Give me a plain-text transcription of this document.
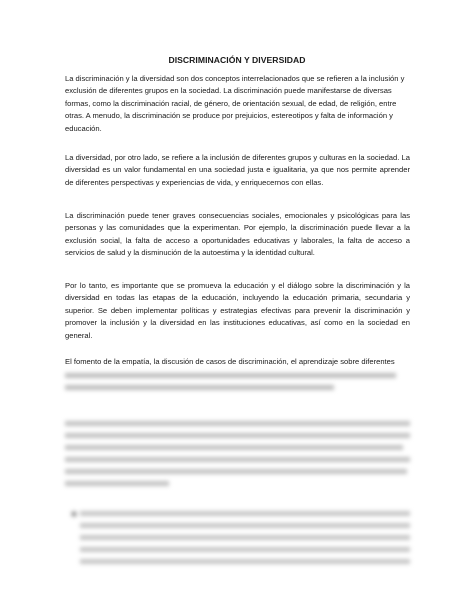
DISCRIMINACIÓN Y DIVERSIDAD

La discriminación y la diversidad son dos conceptos interrelacionados que se refieren a la inclusión y exclusión de diferentes grupos en la sociedad. La discriminación puede manifestarse de diversas formas, como la discriminación racial, de género, de orientación sexual, de edad, de religión, entre otras. A menudo, la discriminación se produce por prejuicios, estereotipos y falta de información y educación.

La diversidad, por otro lado, se refiere a la inclusión de diferentes grupos y culturas en la sociedad. La diversidad es un valor fundamental en una sociedad justa e igualitaria, ya que nos permite aprender de diferentes perspectivas y experiencias de vida, y enriquecernos con ellas.

La discriminación puede tener graves consecuencias sociales, emocionales y psicológicas para las personas y las comunidades que la experimentan. Por ejemplo, la discriminación puede llevar a la exclusión social, la falta de acceso a oportunidades educativas y laborales, la falta de acceso a servicios de salud y la disminución de la autoestima y la identidad cultural.

Por lo tanto, es importante que se promueva la educación y el diálogo sobre la discriminación y la diversidad en todas las etapas de la educación, incluyendo la educación primaria, secundaria y superior. Se deben implementar políticas y estrategias efectivas para prevenir la discriminación y promover la inclusión y la diversidad en las instituciones educativas, así como en la sociedad en general.

El fomento de la empatía, la discusión de casos de discriminación, el aprendizaje sobre diferentes
